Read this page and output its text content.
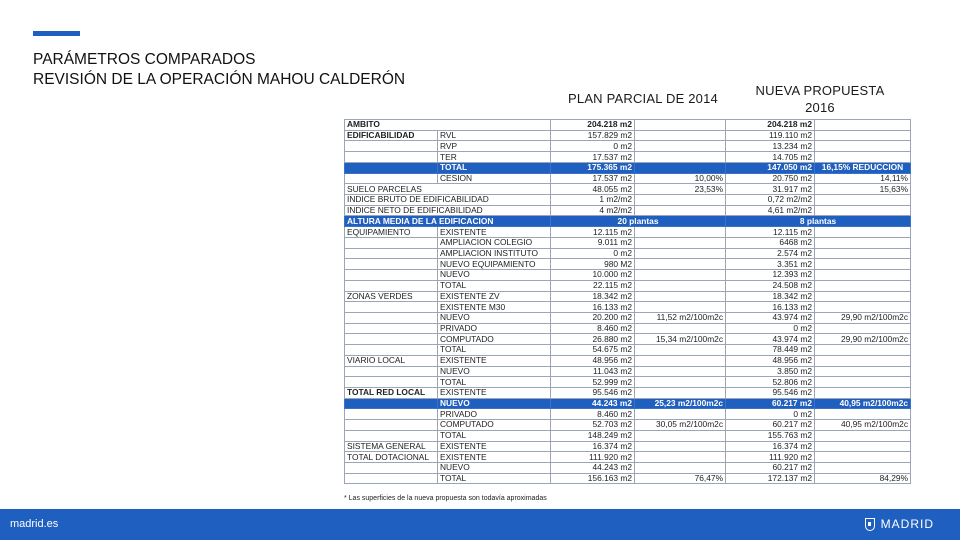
PARÁMETROS COMPARADOS
REVISIÓN DE LA OPERACIÓN MAHOU CALDERÓN
PLAN PARCIAL DE 2014
NUEVA PROPUESTA
2016
AMBITO		204.218 m2		204.218 m2	
EDIFICABILIDAD	RVL	157.829 m2		119.110 m2	
	RVP	0 m2		13.234 m2	
	TER	17.537 m2		14.705 m2	
	TOTAL	175.365 m2		147.050 m2	16,15% REDUCCION
	CESION	17.537 m2	10,00%	20.750 m2	14,11%
SUELO PARCELAS		48.055 m2	23,53%	31.917 m2	15,63%
INDICE BRUTO DE EDIFICABILIDAD		1 m2/m2		0,72 m2/m2	
INDICE NETO DE EDIFICABILIDAD		4 m2/m2		4,61 m2/m2	
ALTURA MEDIA DE LA EDIFICACION		20 plantas		8 plantas	
EQUIPAMIENTO	EXISTENTE	12.115 m2		12.115 m2	
	AMPLIACION COLEGIO	9.011 m2		6468 m2	
	AMPLIACION INSTITUTO	0 m2		2.574 m2	
	NUEVO EQUIPAMIENTO	980 M2		3.351 m2	
	NUEVO	10.000 m2		12.393 m2	
	TOTAL	22.115 m2		24.508 m2	
ZONAS VERDES	EXISTENTE ZV	18.342 m2		18.342 m2	
	EXISTENTE M30	16.133 m2		16.133 m2	
	NUEVO	20.200 m2	11,52 m2/100m2c	43.974 m2	29,90 m2/100m2c
	PRIVADO	8.460 m2		0 m2	
	COMPUTADO	26.880 m2	15,34 m2/100m2c	43.974 m2	29,90 m2/100m2c
	TOTAL	54.675 m2		78.449 m2	
VIARIO LOCAL	EXISTENTE	48.956 m2		48.956 m2	
	NUEVO	11.043 m2		3.850 m2	
	TOTAL	52.999 m2		52.806 m2	
TOTAL RED LOCAL	EXISTENTE	95.546 m2		95.546 m2	
	NUEVO	44.243 m2	25,23 m2/100m2c	60.217 m2	40,95 m2/100m2c
	PRIVADO	8.460 m2		0 m2	
	COMPUTADO	52.703 m2	30,05 m2/100m2c	60.217 m2	40,95 m2/100m2c
	TOTAL	148.249 m2		155.763 m2	
SISTEMA GENERAL	EXISTENTE	16.374 m2		16.374 m2	
TOTAL DOTACIONAL	EXISTENTE	111.920 m2		111.920 m2	
	NUEVO	44.243 m2		60.217 m2	
	TOTAL	156.163 m2	76,47%	172.137 m2	84,29%
* Las superficies de la nueva propuesta son todavía aproximadas
madrid.es	MADRID
